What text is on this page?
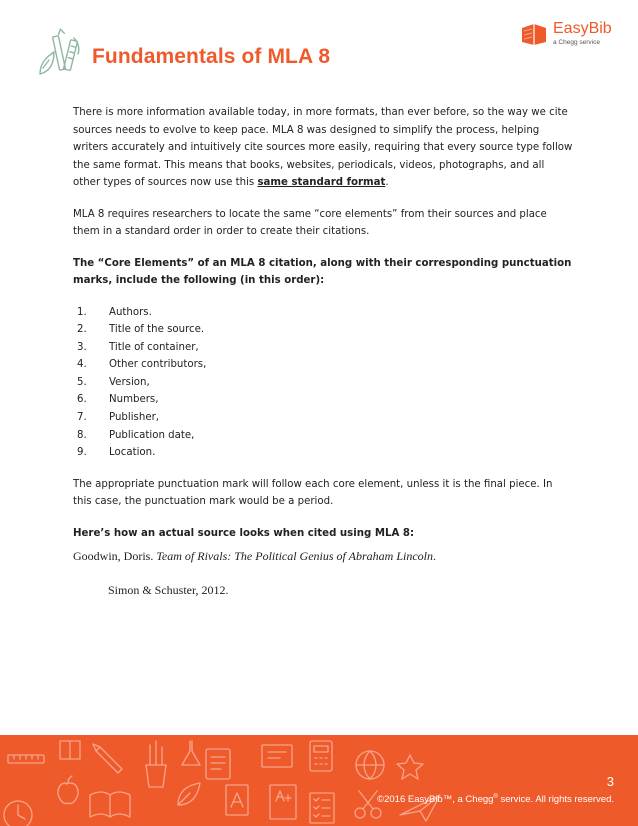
Fundamentals of MLA 8
EasyBib
a Chegg service

There is more information available today, in more formats, than ever before, so the way we cite sources needs to evolve to keep pace. MLA 8 was designed to simplify the process, helping writers accurately and intuitively cite sources more easily, requiring that every source type follow the same format. This means that books, websites, periodicals, videos, photographs, and all other types of sources now use this same standard format.

MLA 8 requires researchers to locate the same “core elements” from their sources and place them in a standard order in order to create their citations.

The “Core Elements” of an MLA 8 citation, along with their corresponding punctuation marks, include the following (in this order):

1.	Authors.
2.	Title of the source.
3.	Title of container,
4.	Other contributors,
5.	Version,
6.	Numbers,
7.	Publisher,
8.	Publication date,
9.	Location.

The appropriate punctuation mark will follow each core element, unless it is the final piece. In this case, the punctuation mark would be a period.

Here’s how an actual source looks when cited using MLA 8:

Goodwin, Doris. Team of Rivals: The Political Genius of Abraham Lincoln.

Simon & Schuster, 2012.

3
©2016 EasyBib™, a Chegg® service. All rights reserved.
